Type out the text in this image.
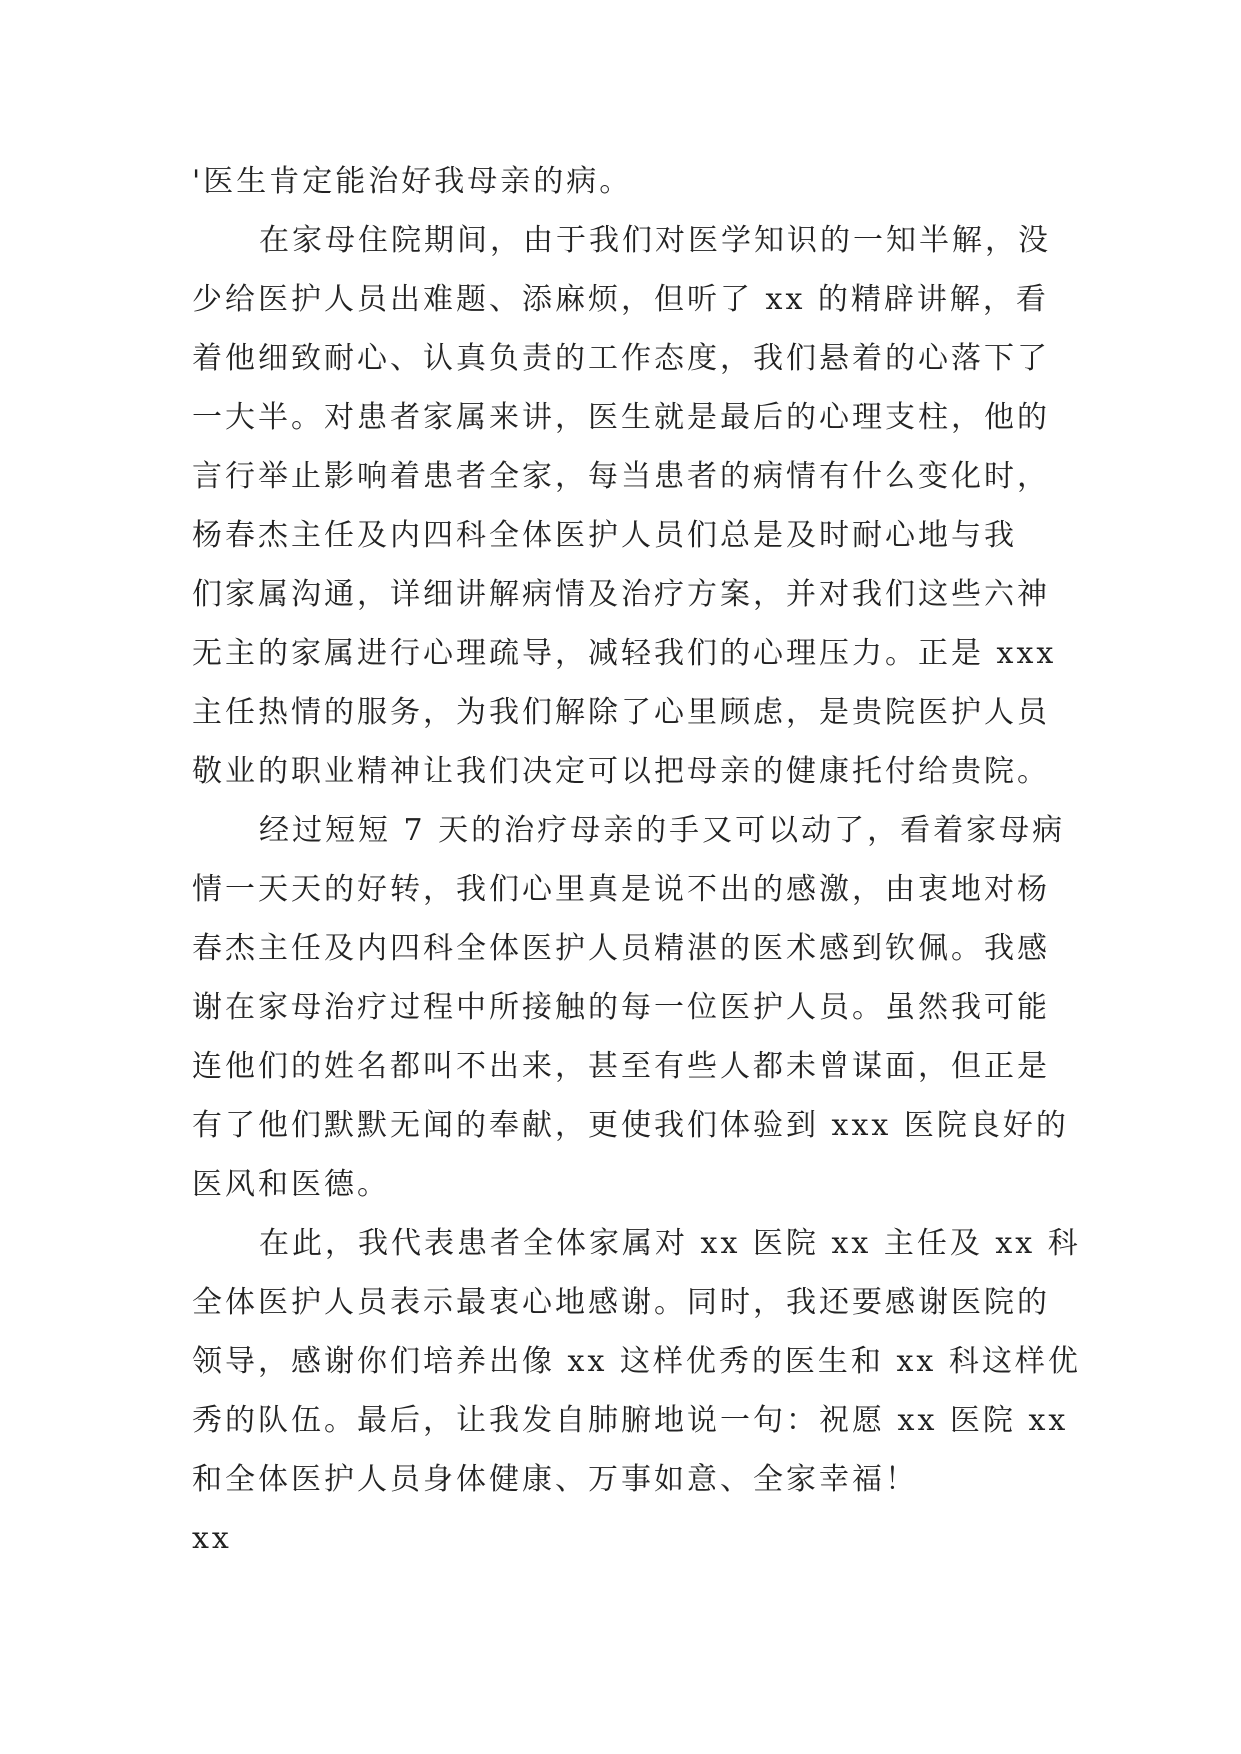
'医生肯定能治好我母亲的病。
在家母住院期间，由于我们对医学知识的一知半解，没
少给医护人员出难题、添麻烦，但听了 xx 的精辟讲解，看
着他细致耐心、认真负责的工作态度，我们悬着的心落下了
一大半。对患者家属来讲，医生就是最后的心理支柱，他的
言行举止影响着患者全家，每当患者的病情有什么变化时，
杨春杰主任及内四科全体医护人员们总是及时耐心地与我
们家属沟通，详细讲解病情及治疗方案，并对我们这些六神
无主的家属进行心理疏导，减轻我们的心理压力。正是 xxx
主任热情的服务，为我们解除了心里顾虑，是贵院医护人员
敬业的职业精神让我们决定可以把母亲的健康托付给贵院。
经过短短 7 天的治疗母亲的手又可以动了，看着家母病
情一天天的好转，我们心里真是说不出的感激，由衷地对杨
春杰主任及内四科全体医护人员精湛的医术感到钦佩。我感
谢在家母治疗过程中所接触的每一位医护人员。虽然我可能
连他们的姓名都叫不出来，甚至有些人都未曾谋面，但正是
有了他们默默无闻的奉献，更使我们体验到 xxx 医院良好的
医风和医德。
在此，我代表患者全体家属对 xx 医院 xx 主任及 xx 科
全体医护人员表示最衷心地感谢。同时，我还要感谢医院的
领导，感谢你们培养出像 xx 这样优秀的医生和 xx 科这样优
秀的队伍。最后，让我发自肺腑地说一句：祝愿 xx 医院 xx
和全体医护人员身体健康、万事如意、全家幸福！
xx
